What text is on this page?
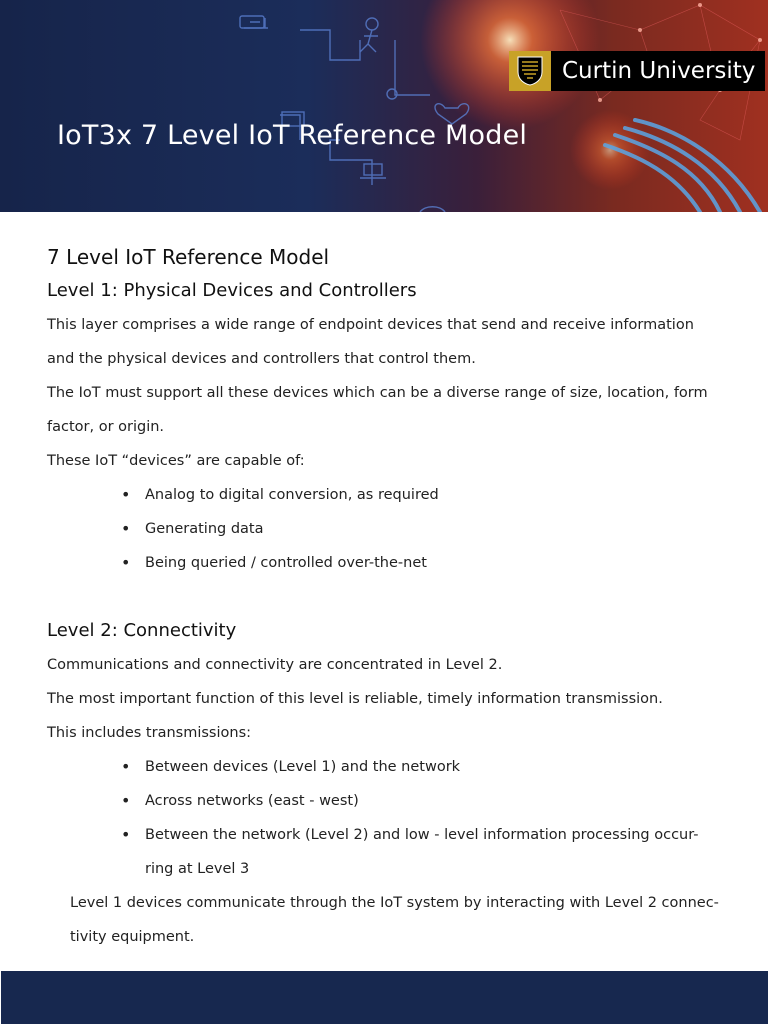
IoT3x 7 Level IoT Reference Model
Curtin University
7 Level IoT Reference Model
Level 1: Physical Devices and Controllers

This layer comprises a wide range of endpoint devices that send and receive information

and the physical devices and controllers that control them.

The IoT must support all these devices which can be a diverse range of size, location, form

factor, or origin.

These IoT “devices” are capable of:

• Analog to digital conversion, as required
• Generating data
• Being queried / controlled over-the-net
Level 2: Connectivity

Communications and connectivity are concentrated in Level 2.

The most important function of this level is reliable, timely information transmission.

This includes transmissions:

• Between devices (Level 1) and the network
• Across networks (east - west)
• Between the network (Level 2) and low - level information processing occur-
ring at Level 3

Level 1 devices communicate through the IoT system by interacting with Level 2 connec-

tivity equipment.
